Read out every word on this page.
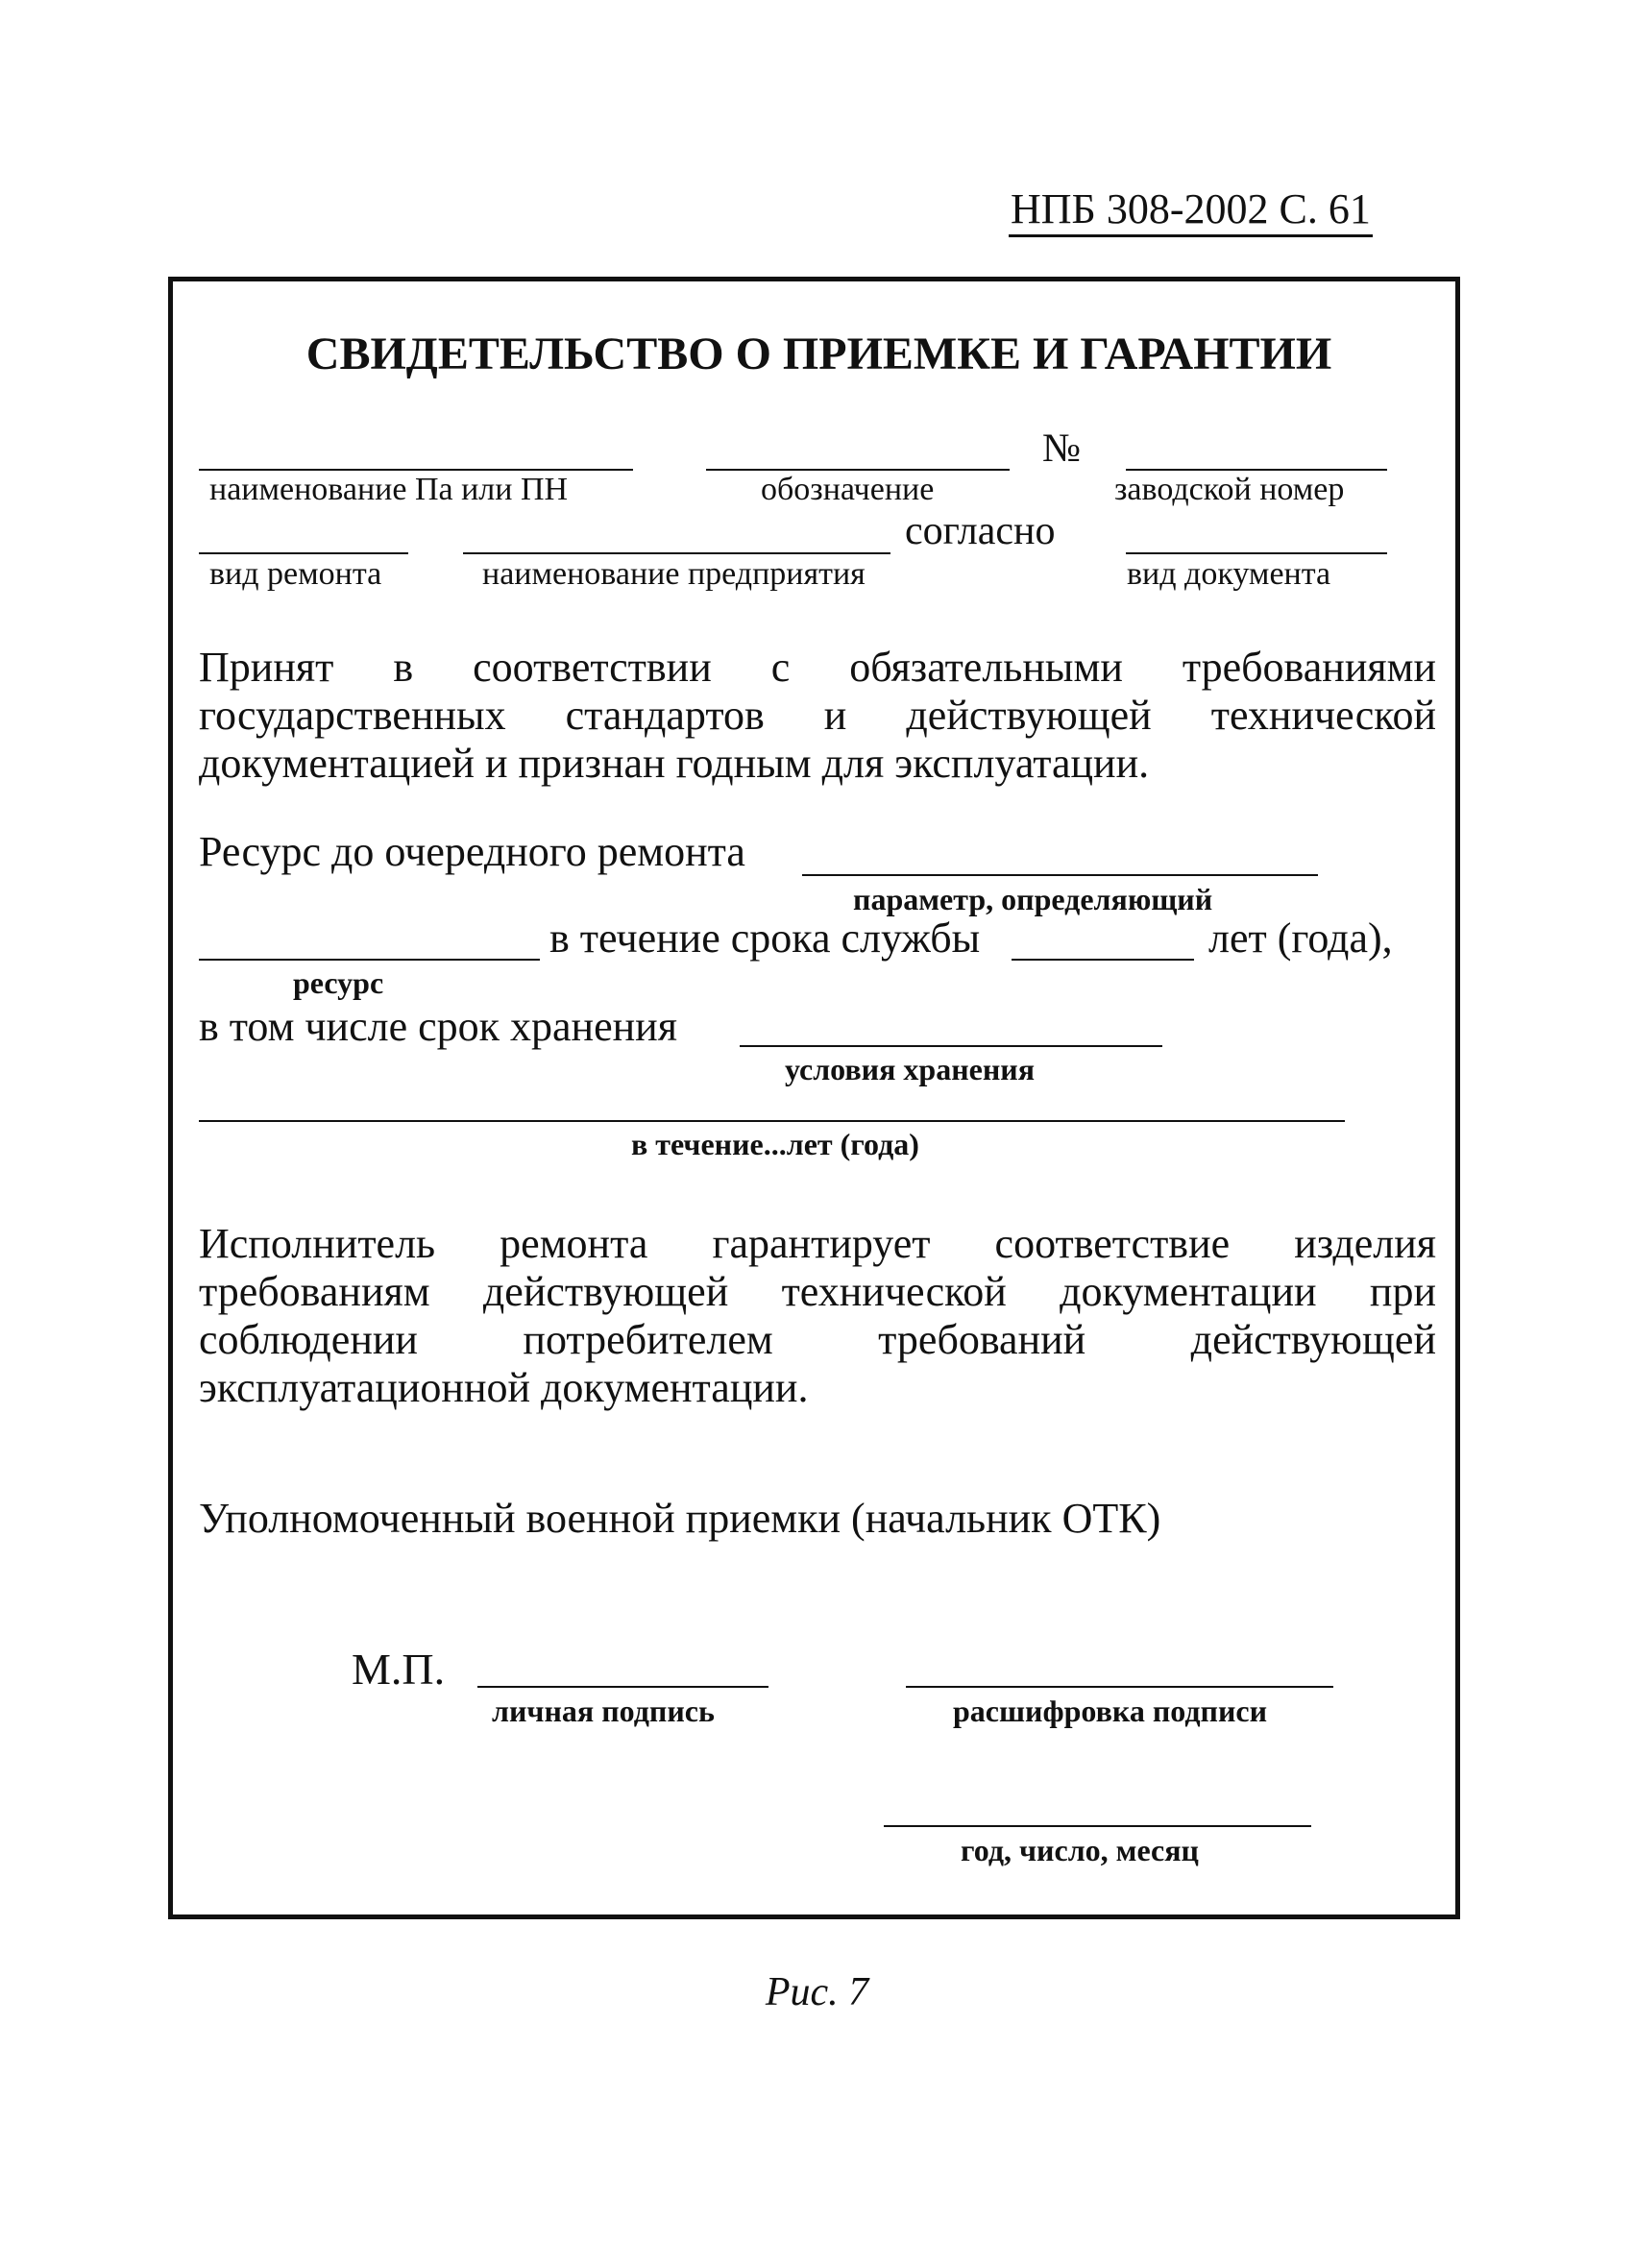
НПБ 308-2002 С. 61
СВИДЕТЕЛЬСТВО О ПРИЕМКЕ И ГАРАНТИИ
№
наименование Па или ПН	обозначение	заводской номер
согласно
вид ремонта	наименование предприятия	вид документа
Принят в соответствии с обязательными требованиями государственных стандартов и действующей технической документацией и признан годным для эксплуатации.
Ресурс до очередного ремонта
параметр, определяющий
в течение срока службы	лет (года),
ресурс
в том числе срок хранения
условия хранения
в течение...лет (года)
Исполнитель ремонта гарантирует соответствие изделия требованиям действующей технической документации при соблюдении потребителем требований действующей эксплуатационной документации.
Уполномоченный военной приемки (начальник ОТК)
М.П.
личная подпись	расшифровка подписи
год, число, месяц
Рис. 7
